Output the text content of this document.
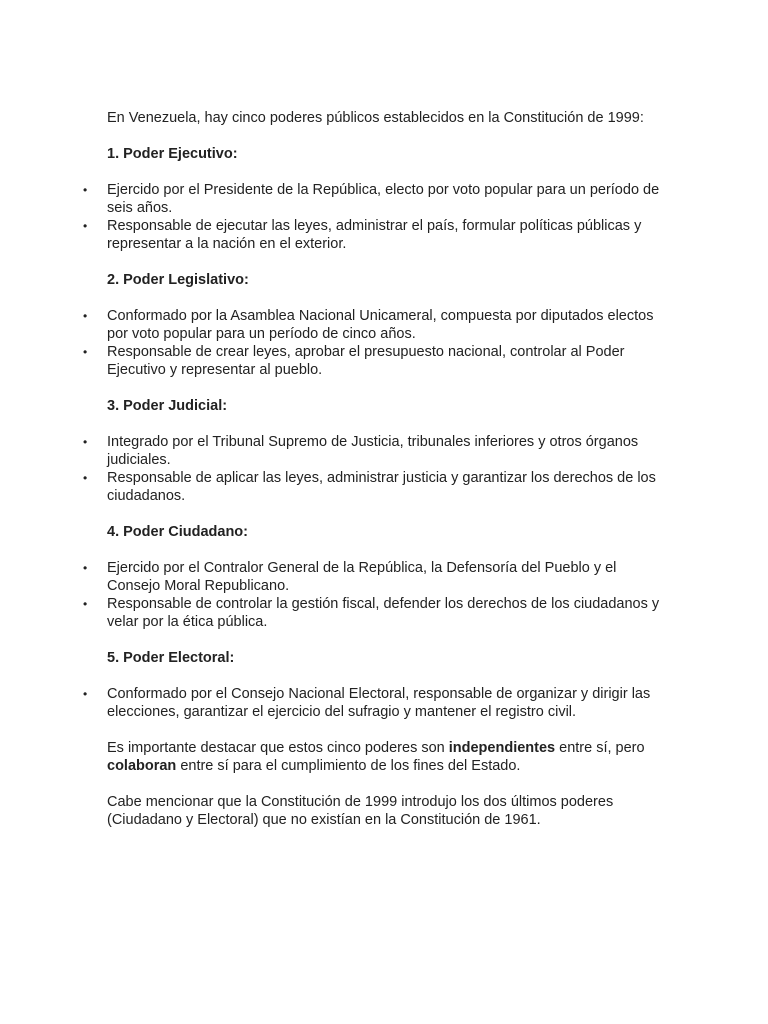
En Venezuela, hay cinco poderes públicos establecidos en la Constitución de 1999:

1. Poder Ejecutivo:

• Ejercido por el Presidente de la República, electo por voto popular para un período de seis años.
• Responsable de ejecutar las leyes, administrar el país, formular políticas públicas y representar a la nación en el exterior.

2. Poder Legislativo:

• Conformado por la Asamblea Nacional Unicameral, compuesta por diputados electos por voto popular para un período de cinco años.
• Responsable de crear leyes, aprobar el presupuesto nacional, controlar al Poder Ejecutivo y representar al pueblo.

3. Poder Judicial:

• Integrado por el Tribunal Supremo de Justicia, tribunales inferiores y otros órganos judiciales.
• Responsable de aplicar las leyes, administrar justicia y garantizar los derechos de los ciudadanos.

4. Poder Ciudadano:

• Ejercido por el Contralor General de la República, la Defensoría del Pueblo y el Consejo Moral Republicano.
• Responsable de controlar la gestión fiscal, defender los derechos de los ciudadanos y velar por la ética pública.

5. Poder Electoral:

• Conformado por el Consejo Nacional Electoral, responsable de organizar y dirigir las elecciones, garantizar el ejercicio del sufragio y mantener el registro civil.

Es importante destacar que estos cinco poderes son independientes entre sí, pero colaboran entre sí para el cumplimiento de los fines del Estado.

Cabe mencionar que la Constitución de 1999 introdujo los dos últimos poderes (Ciudadano y Electoral) que no existían en la Constitución de 1961.
